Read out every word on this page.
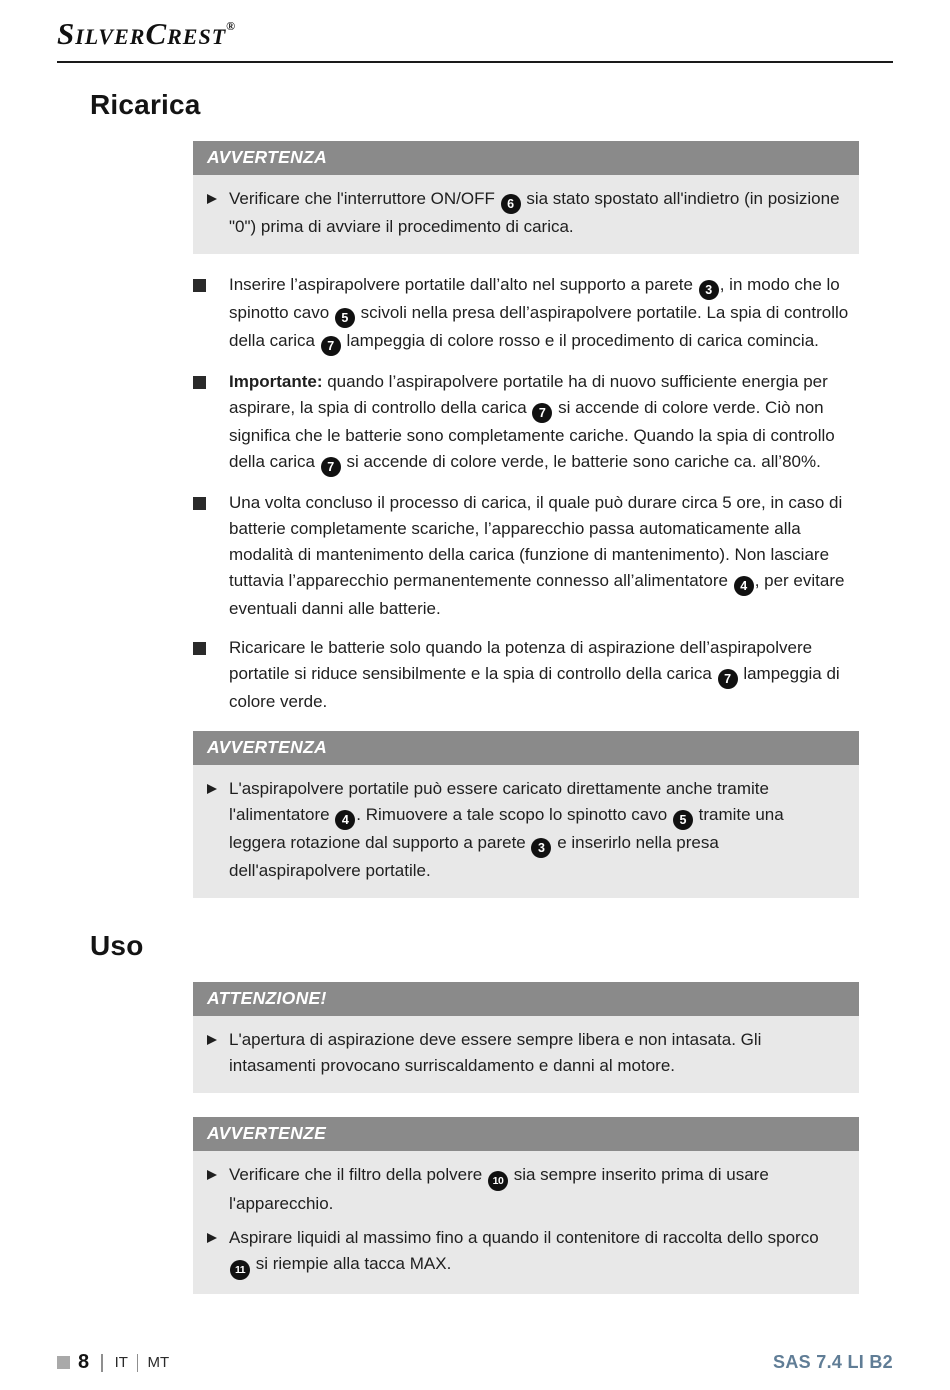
SilverCrest®
Ricarica
AVVERTENZA

Verificare che l'interruttore ON/OFF 6 sia stato spostato all'indietro (in posizione "0") prima di avviare il procedimento di carica.

Inserire l’aspirapolvere portatile dall’alto nel supporto a parete 3 , in modo che lo spinotto cavo 5 scivoli nella presa dell’aspirapolvere portatile. La spia di controllo della carica 7 lampeggia di colore rosso e il procedimento di carica comincia.

Importante: quando l’aspirapolvere portatile ha di nuovo sufficiente energia per aspirare, la spia di controllo della carica 7 si accende di colore verde. Ciò non significa che le batterie sono completamente cariche. Quando la spia di controllo della carica 7 si accende di colore verde, le batterie sono cariche ca. all’80%.

Una volta concluso il processo di carica, il quale può durare circa 5 ore, in caso di batterie completamente scariche, l’apparecchio passa automaticamente alla modalità di mantenimento della carica (funzione di mantenimento). Non lasciare tuttavia l’apparecchio permanentemente connesso all’alimentatore 4 , per evitare eventuali danni alle batterie.

Ricaricare le batterie solo quando la potenza di aspirazione dell’aspirapolvere portatile si riduce sensibilmente e la spia di controllo della carica 7 lampeggia di colore verde.

AVVERTENZA

L'aspirapolvere portatile può essere caricato direttamente anche tramite l'alimentatore 4 . Rimuovere a tale scopo lo spinotto cavo 5 tramite una leggera rotazione dal supporto a parete 3 e inserirlo nella presa dell'aspirapolvere portatile.

Uso
ATTENZIONE!

L'apertura di aspirazione deve essere sempre libera e non intasata. Gli intasamenti provocano surriscaldamento e danni al motore.

AVVERTENZE

Verificare che il filtro della polvere 10 sia sempre inserito prima di usare l'apparecchio.

Aspirare liquidi al massimo fino a quando il contenitore di raccolta dello sporco 11 si riempie alla tacca MAX.

8 IT MT	SAS 7.4 LI B2
